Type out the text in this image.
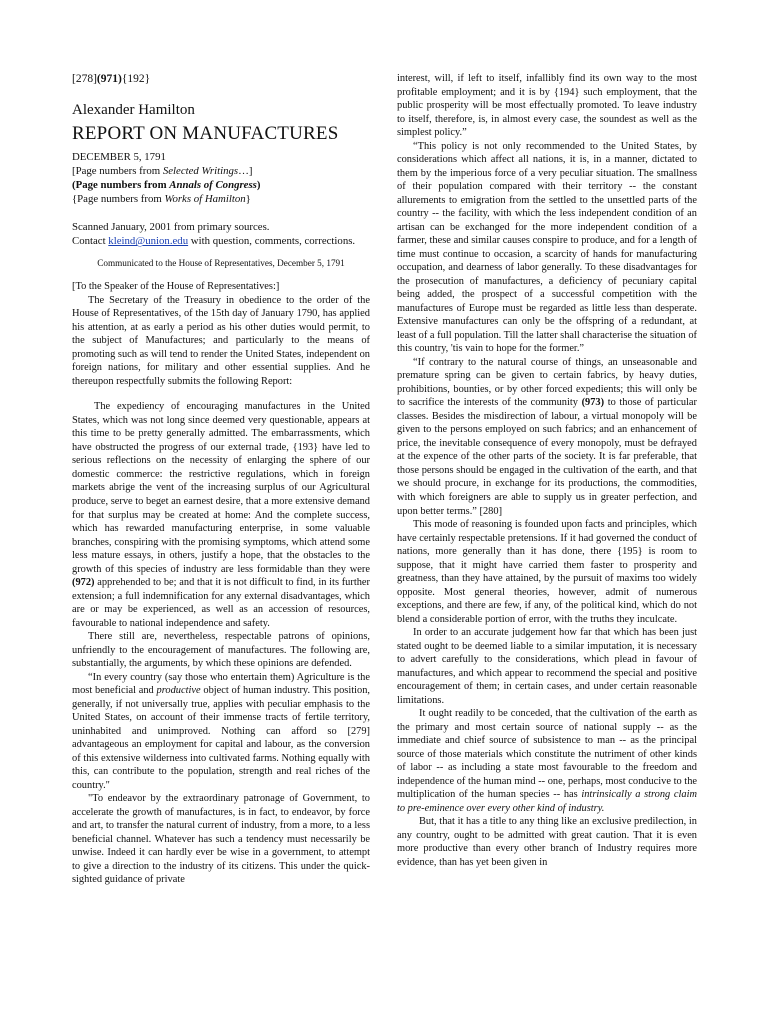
[278](971){192}
Alexander Hamilton
REPORT ON MANUFACTURES
DECEMBER 5, 1791
[Page numbers from Selected Writings…]
(Page numbers from Annals of Congress)
{Page numbers from Works of Hamilton}
Scanned January, 2001 from primary sources.
Contact kleind@union.edu with question, comments, corrections.
Communicated to the House of Representatives, December 5, 1791

[To the Speaker of the House of Representatives:]

The Secretary of the Treasury in obedience to the order of the House of Representatives, of the 15th day of January 1790, has applied his attention, at as early a period as his other duties would permit, to the subject of Manufactures; and particularly to the means of promoting such as will tend to render the United States, independent on foreign nations, for military and other essential supplies. And he thereupon respectfully submits the following Report:

The expediency of encouraging manufactures in the United States, which was not long since deemed very questionable, appears at this time to be pretty generally admitted. The embarrassments, which have obstructed the progress of our external trade, {193} have led to serious reflections on the necessity of enlarging the sphere of our domestic commerce: the restrictive regulations, which in foreign markets abrige the vent of the increasing surplus of our Agricultural produce, serve to beget an earnest desire, that a more extensive demand for that surplus may be created at home: And the complete success, which has rewarded manufacturing enterprise, in some valuable branches, conspiring with the promising symptoms, which attend some less mature essays, in others, justify a hope, that the obstacles to the growth of this species of industry are less formidable than they were (972) apprehended to be; and that it is not difficult to find, in its further extension; a full indemnification for any external disadvantages, which are or may be experienced, as well as an accession of resources, favourable to national independence and safety.

There still are, nevertheless, respectable patrons of opinions, unfriendly to the encouragement of manufactures. The following are, substantially, the arguments, by which these opinions are defended.

“In every country (say those who entertain them) Agriculture is the most beneficial and productive object of human industry. This position, generally, if not universally true, applies with peculiar emphasis to the United States, on account of their immense tracts of fertile territory, uninhabited and unimproved. Nothing can afford so [279] advantageous an employment for capital and labour, as the conversion of this extensive wilderness into cultivated farms. Nothing equally with this, can contribute to the population, strength and real riches of the country."

"To endeavor by the extraordinary patronage of Government, to accelerate the growth of manufactures, is in fact, to endeavor, by force and art, to transfer the natural current of industry, from a more, to a less beneficial channel. Whatever has such a tendency must necessarily be unwise. Indeed it can hardly ever be wise in a government, to attempt to give a direction to the industry of its citizens. This under the quick-sighted guidance of private

interest, will, if left to itself, infallibly find its own way to the most profitable employment; and it is by {194} such employment, that the public prosperity will be most effectually promoted. To leave industry to itself, therefore, is, in almost every case, the soundest as well as the simplest policy.”

“This policy is not only recommended to the United States, by considerations which affect all nations, it is, in a manner, dictated to them by the imperious force of a very peculiar situation. The smallness of their population compared with their territory -- the constant allurements to emigration from the settled to the unsettled parts of the country -- the facility, with which the less independent condition of an artisan can be exchanged for the more independent condition of a farmer, these and similar causes conspire to produce, and for a length of time must continue to occasion, a scarcity of hands for manufacturing occupation, and dearness of labor generally. To these disadvantages for the prosecution of manufactures, a deficiency of pecuniary capital being added, the prospect of a successful competition with the manufactures of Europe must be regarded as little less than desperate. Extensive manufactures can only be the offspring of a redundant, at least of a full population. Till the latter shall characterise the situation of this country, 'tis vain to hope for the former.”

“If contrary to the natural course of things, an unseasonable and premature spring can be given to certain fabrics, by heavy duties, prohibitions, bounties, or by other forced expedients; this will only be to sacrifice the interests of the community (973) to those of particular classes. Besides the misdirection of labour, a virtual monopoly will be given to the persons employed on such fabrics; and an enhancement of price, the inevitable consequence of every monopoly, must be defrayed at the expence of the other parts of the society. It is far preferable, that those persons should be engaged in the cultivation of the earth, and that we should procure, in exchange for its productions, the commodities, with which foreigners are able to supply us in greater perfection, and upon better terms.” [280]

This mode of reasoning is founded upon facts and principles, which have certainly respectable pretensions. If it had governed the conduct of nations, more generally than it has done, there {195} is room to suppose, that it might have carried them faster to prosperity and greatness, than they have attained, by the pursuit of maxims too widely opposite. Most general theories, however, admit of numerous exceptions, and there are few, if any, of the political kind, which do not blend a considerable portion of error, with the truths they inculcate.

In order to an accurate judgement how far that which has been just stated ought to be deemed liable to a similar imputation, it is necessary to advert carefully to the considerations, which plead in favour of manufactures, and which appear to recommend the special and positive encouragement of them; in certain cases, and under certain reasonable limitations.

It ought readily to be conceded, that the cultivation of the earth as the primary and most certain source of national supply -- as the immediate and chief source of subsistence to man -- as the principal source of those materials which constitute the nutriment of other kinds of labor -- as including a state most favourable to the freedom and independence of the human mind -- one, perhaps, most conducive to the multiplication of the human species -- has intrinsically a strong claim to pre-eminence over every other kind of industry.

But, that it has a title to any thing like an exclusive predilection, in any country, ought to be admitted with great caution. That it is even more productive than every other branch of Industry requires more evidence, than has yet been given in
